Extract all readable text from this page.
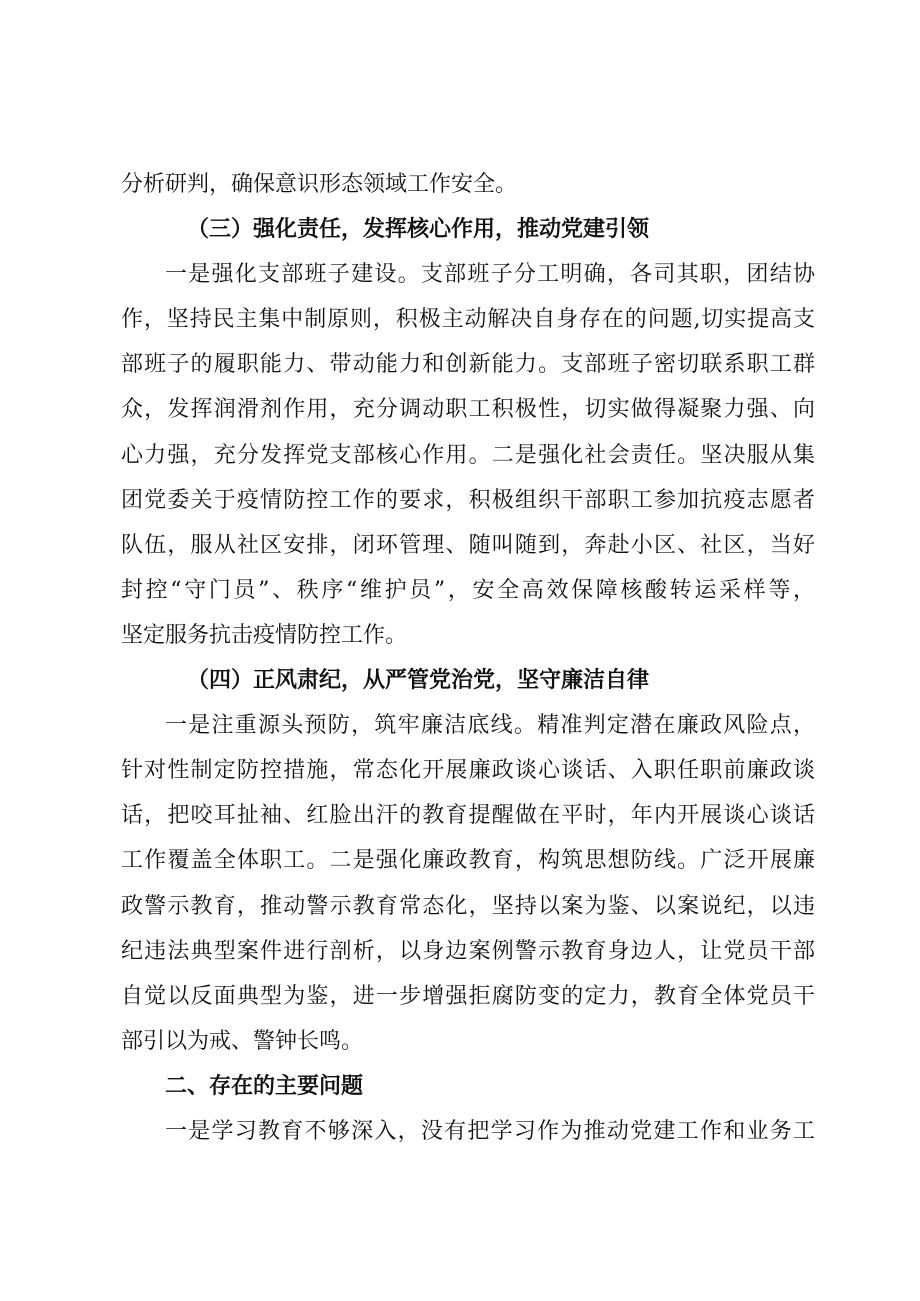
分析研判，确保意识形态领域工作安全。
（三）强化责任，发挥核心作用，推动党建引领
一是强化支部班子建设。支部班子分工明确，各司其职，团结协
作，坚持民主集中制原则，积极主动解决自身存在的问题,切实提高支
部班子的履职能力、带动能力和创新能力。支部班子密切联系职工群
众，发挥润滑剂作用，充分调动职工积极性，切实做得凝聚力强、向
心力强，充分发挥党支部核心作用。二是强化社会责任。坚决服从集
团党委关于疫情防控工作的要求，积极组织干部职工参加抗疫志愿者
队伍，服从社区安排，闭环管理、随叫随到，奔赴小区、社区，当好
封控“守门员”、秩序“维护员”，安全高效保障核酸转运采样等，
坚定服务抗击疫情防控工作。
（四）正风肃纪，从严管党治党，坚守廉洁自律
一是注重源头预防，筑牢廉洁底线。精准判定潜在廉政风险点，
针对性制定防控措施，常态化开展廉政谈心谈话、入职任职前廉政谈
话，把咬耳扯袖、红脸出汗的教育提醒做在平时，年内开展谈心谈话
工作覆盖全体职工。二是强化廉政教育，构筑思想防线。广泛开展廉
政警示教育，推动警示教育常态化，坚持以案为鉴、以案说纪，以违
纪违法典型案件进行剖析，以身边案例警示教育身边人，让党员干部
自觉以反面典型为鉴，进一步增强拒腐防变的定力，教育全体党员干
部引以为戒、警钟长鸣。
二、存在的主要问题
一是学习教育不够深入，没有把学习作为推动党建工作和业务工
